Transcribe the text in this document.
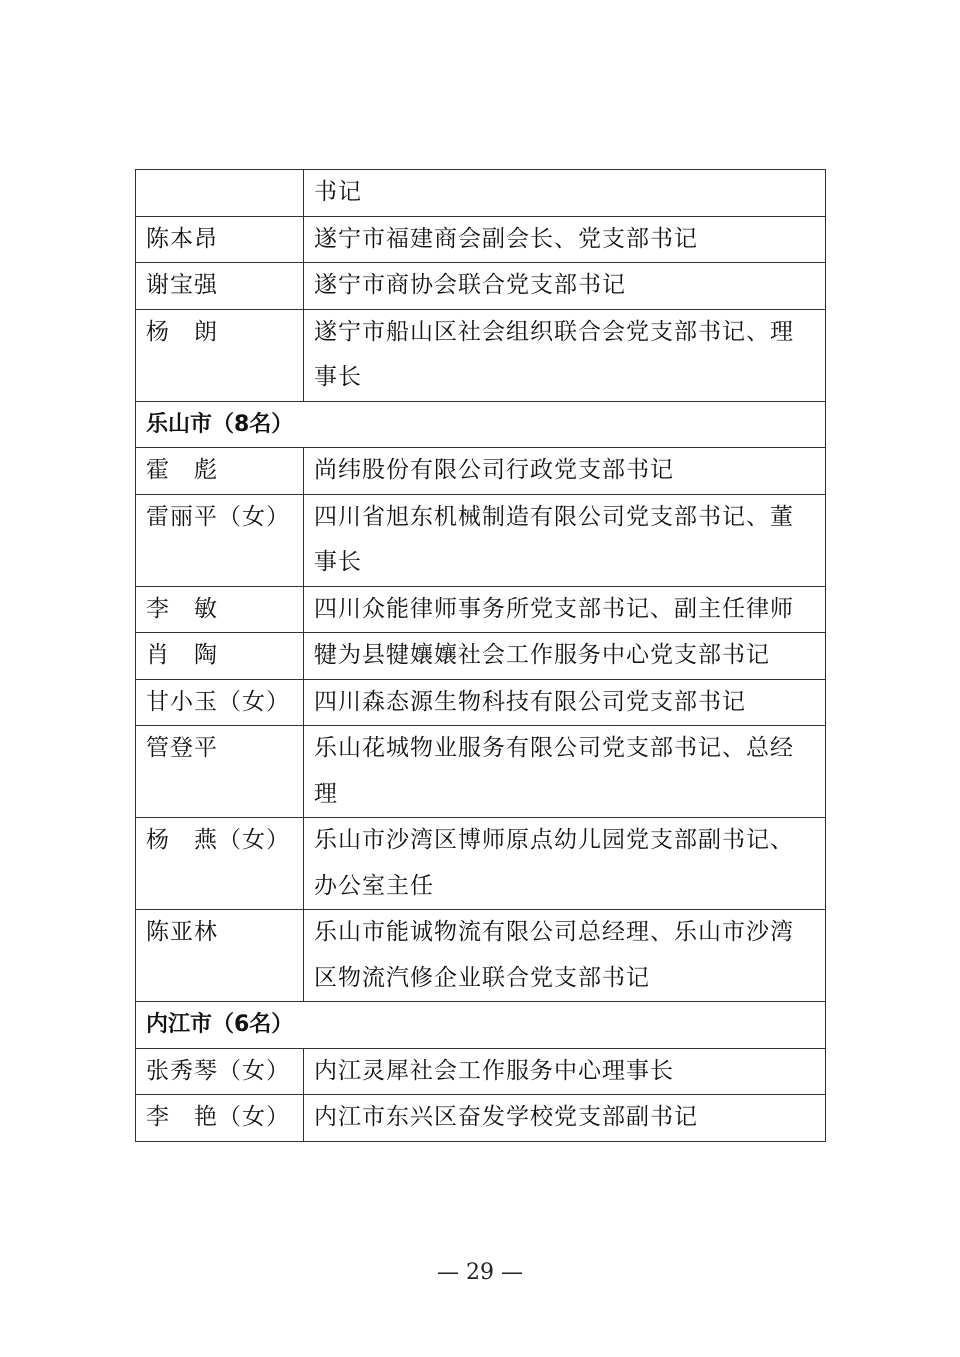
	书记
陈本昂	遂宁市福建商会副会长、党支部书记
谢宝强	遂宁市商协会联合党支部书记
杨　朗	遂宁市船山区社会组织联合会党支部书记、理事长
乐山市（8名）	
霍　彪	尚纬股份有限公司行政党支部书记
雷丽平（女）	四川省旭东机械制造有限公司党支部书记、董事长
李　敏	四川众能律师事务所党支部书记、副主任律师
肖　陶	犍为县犍孃孃社会工作服务中心党支部书记
甘小玉（女）	四川森态源生物科技有限公司党支部书记
管登平	乐山花城物业服务有限公司党支部书记、总经理
杨　燕（女）	乐山市沙湾区博师原点幼儿园党支部副书记、办公室主任
陈亚林	乐山市能诚物流有限公司总经理、乐山市沙湾区物流汽修企业联合党支部书记
内江市（6名）	
张秀琴（女）	内江灵犀社会工作服务中心理事长
李　艳（女）	内江市东兴区奋发学校党支部副书记
— 29 —
